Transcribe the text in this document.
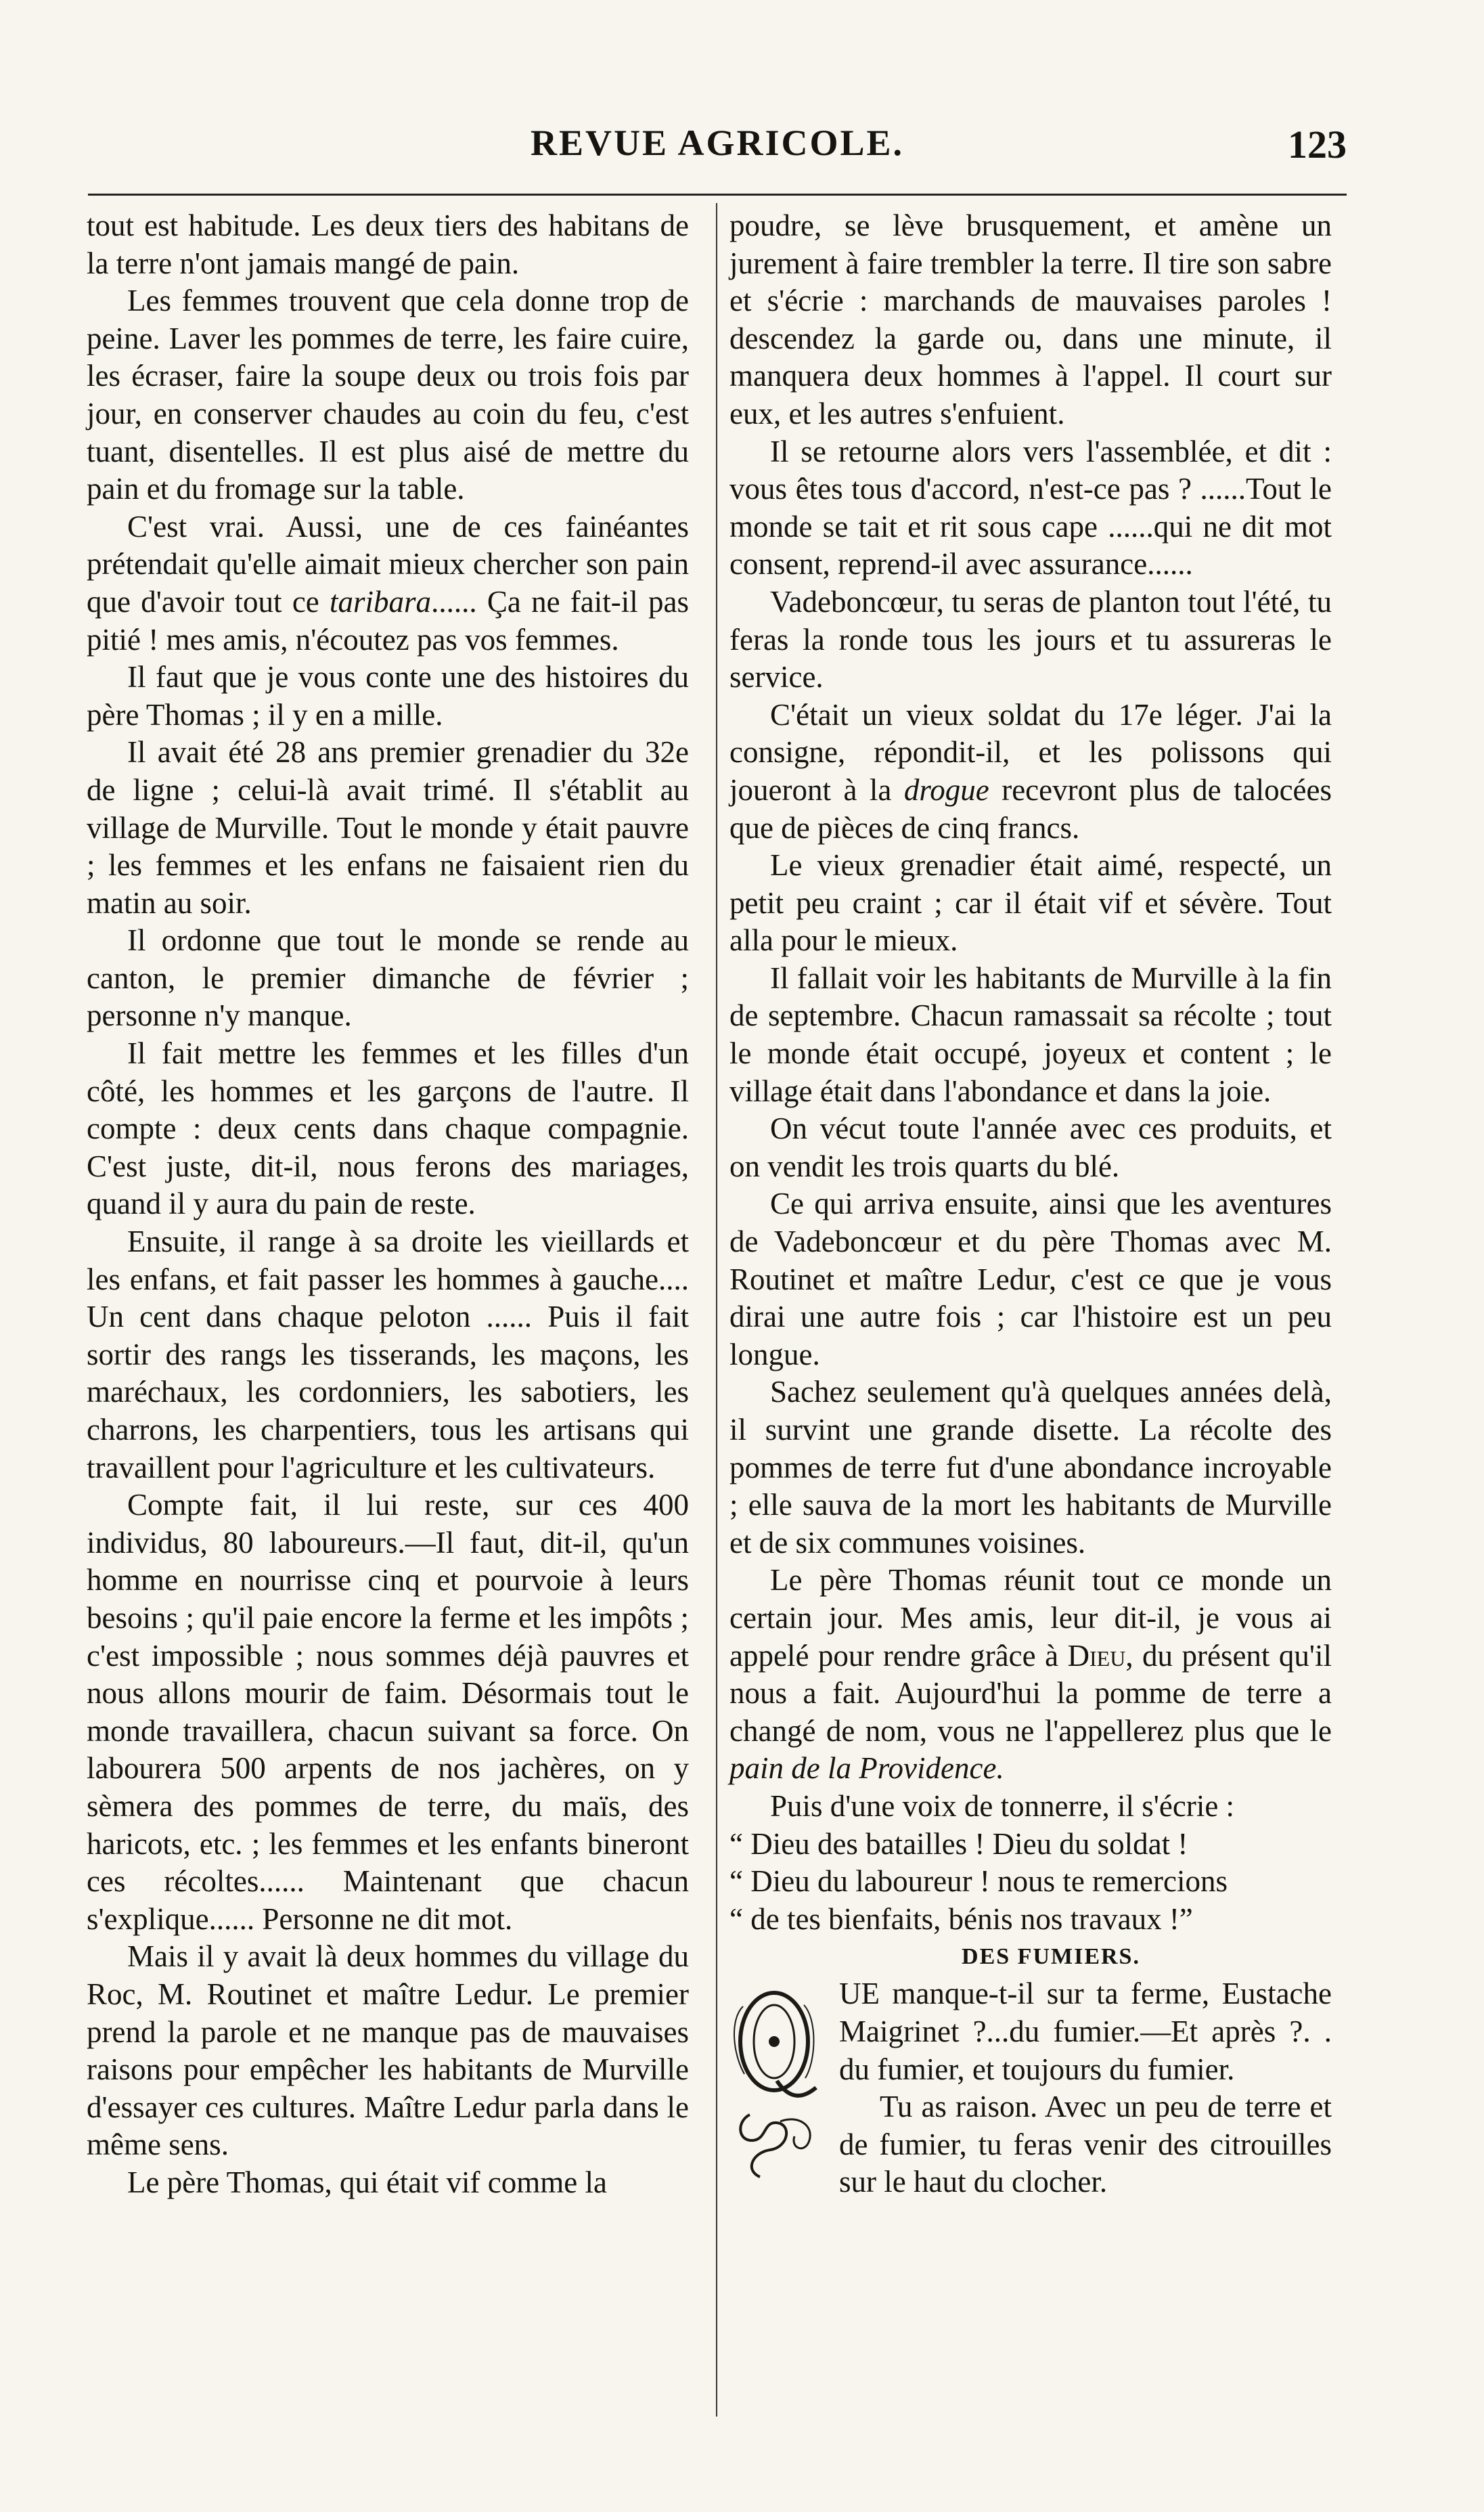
REVUE AGRICOLE.	123

tout est habitude. Les deux tiers des habitans de la terre n'ont jamais mangé de pain.

Les femmes trouvent que cela donne trop de peine. Laver les pommes de terre, les faire cuire, les écraser, faire la soupe deux ou trois fois par jour, en conserver chaudes au coin du feu, c'est tuant, disentelles. Il est plus aisé de mettre du pain et du fromage sur la table.

C'est vrai. Aussi, une de ces fainéantes prétendait qu'elle aimait mieux chercher son pain que d'avoir tout ce taribara...... Ça ne fait-il pas pitié ! mes amis, n'écoutez pas vos femmes.

Il faut que je vous conte une des histoires du père Thomas ; il y en a mille.

Il avait été 28 ans premier grenadier du 32e de ligne ; celui-là avait trimé. Il s'établit au village de Murville. Tout le monde y était pauvre ; les femmes et les enfans ne faisaient rien du matin au soir.

Il ordonne que tout le monde se rende au canton, le premier dimanche de février ; personne n'y manque.

Il fait mettre les femmes et les filles d'un côté, les hommes et les garçons de l'autre. Il compte : deux cents dans chaque compagnie. C'est juste, dit-il, nous ferons des mariages, quand il y aura du pain de reste.

Ensuite, il range à sa droite les vieillards et les enfans, et fait passer les hommes à gauche.... Un cent dans chaque peloton ...... Puis il fait sortir des rangs les tisserands, les maçons, les maréchaux, les cordonniers, les sabotiers, les charrons, les charpentiers, tous les artisans qui travaillent pour l'agriculture et les cultivateurs.

Compte fait, il lui reste, sur ces 400 individus, 80 laboureurs.—Il faut, dit-il, qu'un homme en nourrisse cinq et pourvoie à leurs besoins ; qu'il paie encore la ferme et les impôts ; c'est impossible ; nous sommes déjà pauvres et nous allons mourir de faim. Désormais tout le monde travaillera, chacun suivant sa force. On labourera 500 arpents de nos jachères, on y sèmera des pommes de terre, du maïs, des haricots, etc. ; les femmes et les enfants bineront ces récoltes...... Maintenant que chacun s'explique...... Personne ne dit mot.

Mais il y avait là deux hommes du village du Roc, M. Routinet et maître Ledur. Le premier prend la parole et ne manque pas de mauvaises raisons pour empêcher les habitants de Murville d'essayer ces cultures. Maître Ledur parla dans le même sens.

Le père Thomas, qui était vif comme la

poudre, se lève brusquement, et amène un jurement à faire trembler la terre. Il tire son sabre et s'écrie : marchands de mauvaises paroles ! descendez la garde ou, dans une minute, il manquera deux hommes à l'appel. Il court sur eux, et les autres s'enfuient.

Il se retourne alors vers l'assemblée, et dit : vous êtes tous d'accord, n'est-ce pas ? ......Tout le monde se tait et rit sous cape ......qui ne dit mot consent, reprend-il avec assurance......

Vadeboncœur, tu seras de planton tout l'été, tu feras la ronde tous les jours et tu assureras le service.

C'était un vieux soldat du 17e léger. J'ai la consigne, répondit-il, et les polissons qui joueront à la drogue recevront plus de talocées que de pièces de cinq francs.

Le vieux grenadier était aimé, respecté, un petit peu craint ; car il était vif et sévère. Tout alla pour le mieux.

Il fallait voir les habitants de Murville à la fin de septembre. Chacun ramassait sa récolte ; tout le monde était occupé, joyeux et content ; le village était dans l'abondance et dans la joie.

On vécut toute l'année avec ces produits, et on vendit les trois quarts du blé.

Ce qui arriva ensuite, ainsi que les aventures de Vadeboncœur et du père Thomas avec M. Routinet et maître Ledur, c'est ce que je vous dirai une autre fois ; car l'histoire est un peu longue.

Sachez seulement qu'à quelques années delà, il survint une grande disette. La récolte des pommes de terre fut d'une abondance incroyable ; elle sauva de la mort les habitants de Murville et de six communes voisines.

Le père Thomas réunit tout ce monde un certain jour. Mes amis, leur dit-il, je vous ai appelé pour rendre grâce à Dieu, du présent qu'il nous a fait. Aujourd'hui la pomme de terre a changé de nom, vous ne l'appellerez plus que le pain de la Providence.

Puis d'une voix de tonnerre, il s'écrie :

“ Dieu des batailles ! Dieu du soldat !

“ Dieu du laboureur ! nous te remercions

“ de tes bienfaits, bénis nos travaux !”

DES FUMIERS.

UE manque-t-il sur ta ferme, Eustache Maigrinet ?...du fumier.—Et après ?. . du fumier, et toujours du fumier.

Tu as raison. Avec un peu de terre et de fumier, tu feras venir des citrouilles sur le haut du clocher.
